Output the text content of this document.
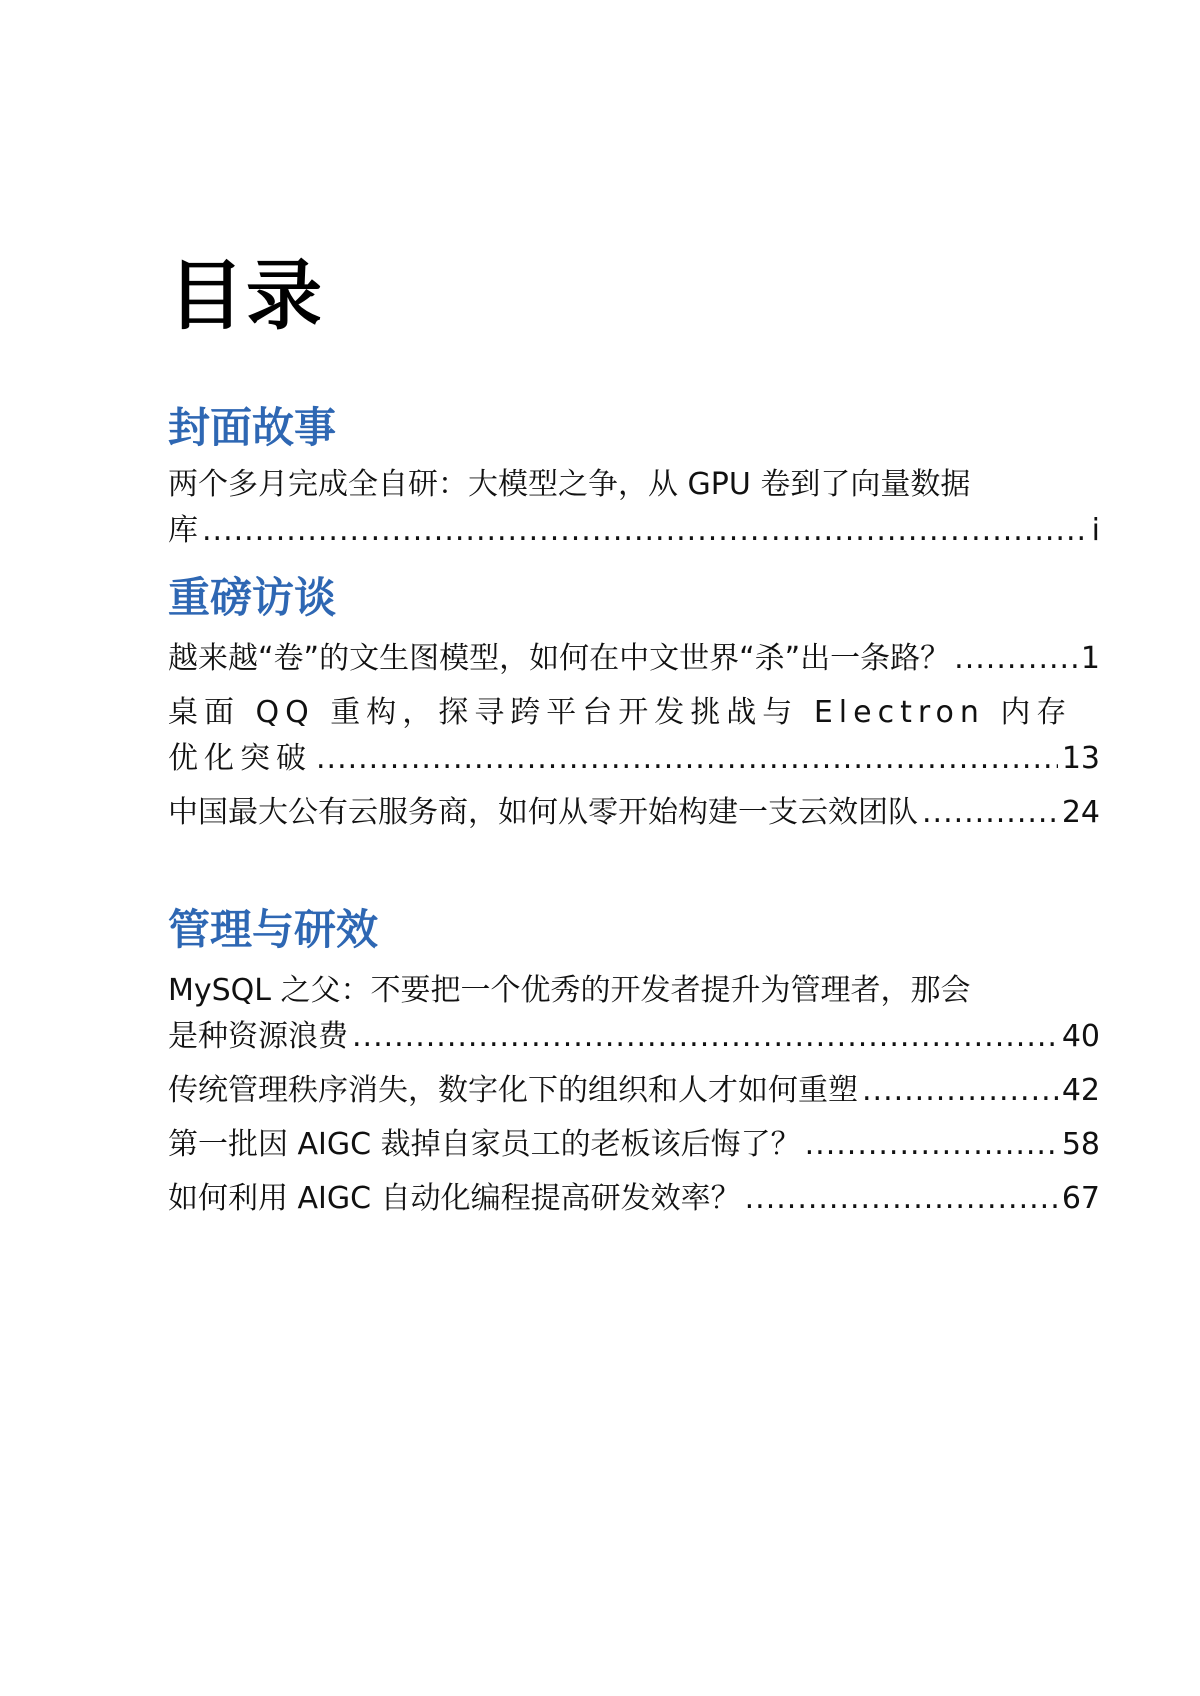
目录
封面故事
两个多月完成全自研：大模型之争，从 GPU 卷到了向量数据
库 .....	i
重磅访谈
越来越“卷”的文生图模型，如何在中文世界“杀”出一条路？ .....	1
桌面 QQ 重构，探寻跨平台开发挑战与 Electron 内存
优化突破 .....	13
中国最大公有云服务商，如何从零开始构建一支云效团队 .....	24
管理与研效
MySQL 之父：不要把一个优秀的开发者提升为管理者，那会
是种资源浪费 .....	40
传统管理秩序消失，数字化下的组织和人才如何重塑 .....	42
第一批因 AIGC 裁掉自家员工的老板该后悔了？ .....	58
如何利用 AIGC 自动化编程提高研发效率？ .....	67
